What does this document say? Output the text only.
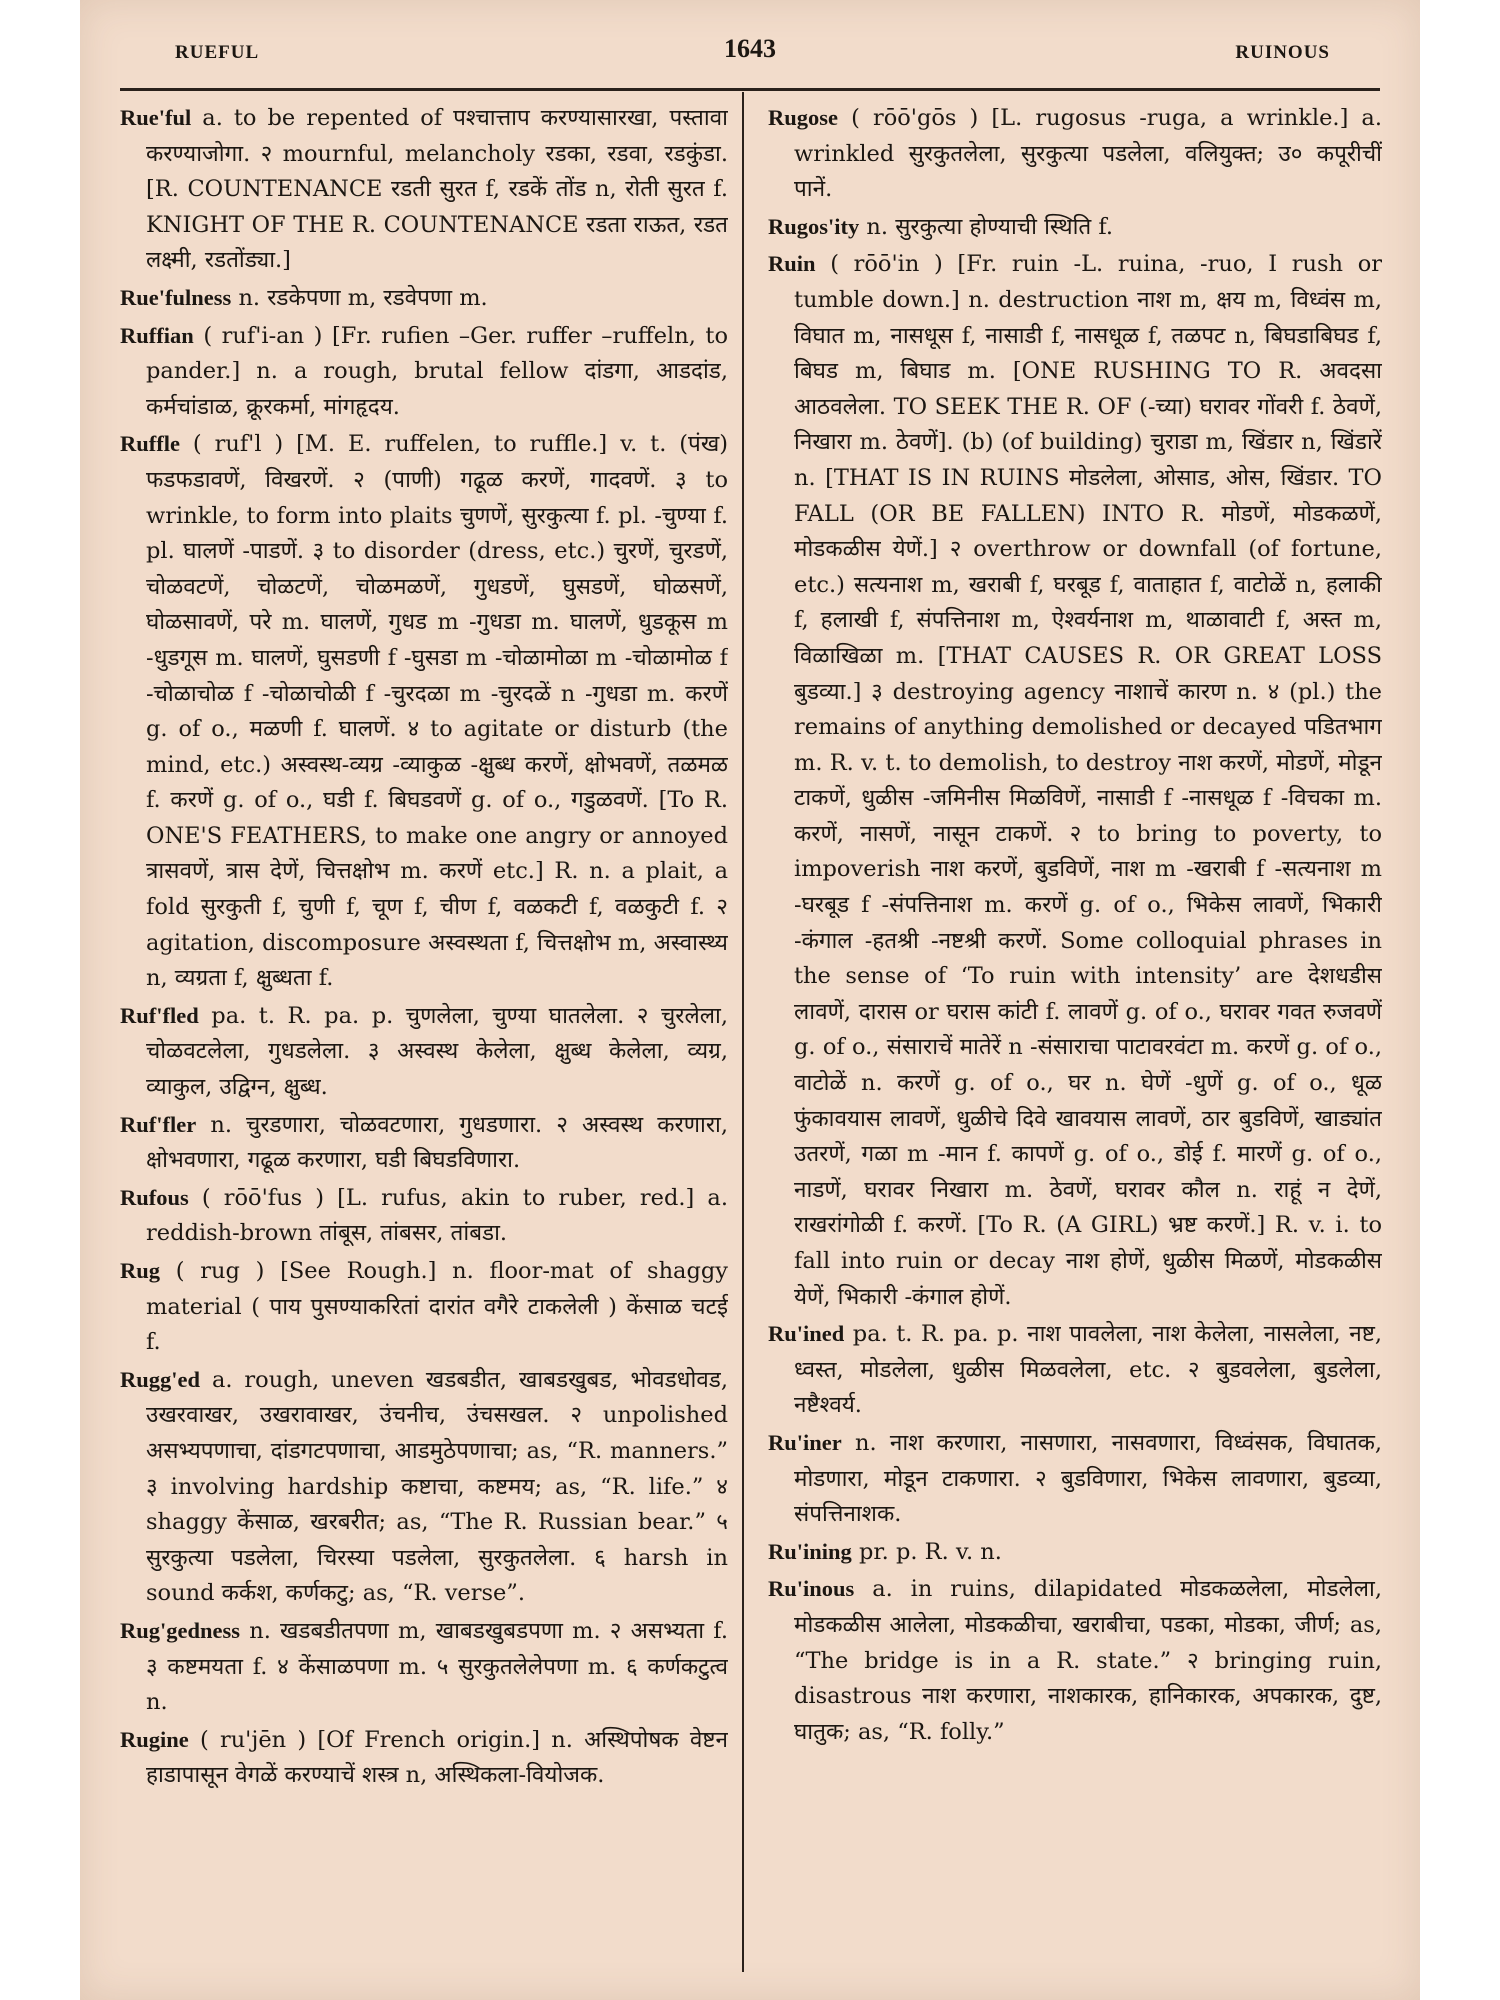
RUEFUL	1643	RUINOUS

Rue'ful a. to be repented of पश्चात्ताप करण्यासारखा, पस्तावा करण्याजोगा. २ mournful, melancholy रडका, रडवा, रडकुंडा. [R. COUNTENANCE रडती सुरत f, रडकें तोंड n, रोती सुरत f. KNIGHT OF THE R. COUNTENANCE रडता राऊत, रडत लक्ष्मी, रडतोंड्या.]

Rue'fulness n. रडकेपणा m, रडवेपणा m.

Ruffian ( ruf'i-an ) [Fr. rufien –Ger. ruffer –ruffeln, to pander.] n. a rough, brutal fellow दांडगा, आडदांड, कर्मचांडाळ, क्रूरकर्मा, मांगहृदय.

Ruffle ( ruf'l ) [M. E. ruffelen, to ruffle.] v. t. (पंख) फडफडावणें, विखरणें. २ (पाणी) गढूळ करणें, गादवणें. ३ to wrinkle, to form into plaits चुणणें, सुरकुत्या f. pl. -चुण्या f. pl. घालणें -पाडणें. ३ to disorder (dress, etc.) चुरणें, चुरडणें, चोळवटणें, चोळटणें, चोळमळणें, गुधडणें, घुसडणें, घोळसणें, घोळसावणें, परे m. घालणें, गुधड m -गुधडा m. घालणें, धुडकूस m -धुडगूस m. घालणें, घुसडणी f -घुसडा m -चोळामोळा m -चोळामोळ f -चोळाचोळ f -चोळाचोळी f -चुरदळा m -चुरदळें n -गुधडा m. करणें g. of o., मळणी f. घालणें. ४ to agitate or disturb (the mind, etc.) अस्वस्थ-व्यग्र -व्याकुळ -क्षुब्ध करणें, क्षोभवणें, तळमळ f. करणें g. of o., घडी f. बिघडवणें g. of o., गडुळवणें. [To R. ONE'S FEATHERS, to make one angry or annoyed त्रासवणें, त्रास देणें, चित्तक्षोभ m. करणें etc.] R. n. a plait, a fold सुरकुती f, चुणी f, चूण f, चीण f, वळकटी f, वळकुटी f. २ agitation, discomposure अस्वस्थता f, चित्तक्षोभ m, अस्वास्थ्य n, व्यग्रता f, क्षुब्धता f.

Ruf'fled pa. t. R. pa. p. चुणलेला, चुण्या घातलेला. २ चुरलेला, चोळवटलेला, गुधडलेला. ३ अस्वस्थ केलेला, क्षुब्ध केलेला, व्यग्र, व्याकुल, उद्विग्न, क्षुब्ध.

Ruf'fler n. चुरडणारा, चोळवटणारा, गुधडणारा. २ अस्वस्थ करणारा, क्षोभवणारा, गढूळ करणारा, घडी बिघडविणारा.

Rufous ( rōō'fus ) [L. rufus, akin to ruber, red.] a. reddish-brown तांबूस, तांबसर, तांबडा.

Rug ( rug ) [See Rough.] n. floor-mat of shaggy material ( पाय पुसण्याकरितां दारांत वगैरे टाकलेली ) केंसाळ चटई f.

Rugg'ed a. rough, uneven खडबडीत, खाबडखुबड, भोवडधोवड, उखरवाखर, उखरावाखर, उंचनीच, उंचसखल. २ unpolished असभ्यपणाचा, दांडगटपणाचा, आडमुठेपणाचा; as, “R. manners.” ३ involving hardship कष्टाचा, कष्टमय; as, “R. life.” ४ shaggy केंसाळ, खरबरीत; as, “The R. Russian bear.” ५ सुरकुत्या पडलेला, चिरस्या पडलेला, सुरकुतलेला. ६ harsh in sound कर्कश, कर्णकटु; as, “R. verse”.

Rug'gedness n. खडबडीतपणा m, खाबडखुबडपणा m. २ असभ्यता f. ३ कष्टमयता f. ४ केंसाळपणा m. ५ सुरकुतलेलेपणा m. ६ कर्णकटुत्व n.

Rugine ( ru'jēn ) [Of French origin.] n. अस्थिपोषक वेष्टन हाडापासून वेगळें करण्याचें शस्त्र n, अस्थिकला-वियोजक.

Rugose ( rōō'gōs ) [L. rugosus -ruga, a wrinkle.] a. wrinkled सुरकुतलेला, सुरकुत्या पडलेला, वलियुक्त; उ० कपूरीचीं पानें.

Rugos'ity n. सुरकुत्या होण्याची स्थिति f.

Ruin ( rōō'in ) [Fr. ruin -L. ruina, -ruo, I rush or tumble down.] n. destruction नाश m, क्षय m, विध्वंस m, विघात m, नासधूस f, नासाडी f, नासधूळ f, तळपट n, बिघडाबिघड f, बिघड m, बिघाड m. [ONE RUSHING TO R. अवदसा आठवलेला. TO SEEK THE R. OF (-च्या) घरावर गोंवरी f. ठेवणें, निखारा m. ठेवणें]. (b) (of building) चुराडा m, खिंडार n, खिंडारें n. [THAT IS IN RUINS मोडलेला, ओसाड, ओस, खिंडार. TO FALL (OR BE FALLEN) INTO R. मोडणें, मोडकळणें, मोडकळीस येणें.] २ overthrow or downfall (of fortune, etc.) सत्यनाश m, खराबी f, घरबूड f, वाताहात f, वाटोळें n, हलाकी f, हलाखी f, संपत्तिनाश m, ऐश्वर्यनाश m, थाळावाटी f, अस्त m, विळाखिळा m. [THAT CAUSES R. OR GREAT LOSS बुडव्या.] ३ destroying agency नाशाचें कारण n. ४ (pl.) the remains of anything demolished or decayed पडितभाग m. R. v. t. to demolish, to destroy नाश करणें, मोडणें, मोडून टाकणें, धुळीस -जमिनीस मिळविणें, नासाडी f -नासधूळ f -विचका m. करणें, नासणें, नासून टाकणें. २ to bring to poverty, to impoverish नाश करणें, बुडविणें, नाश m -खराबी f -सत्यनाश m -घरबूड f -संपत्तिनाश m. करणें g. of o., भिकेस लावणें, भिकारी -कंगाल -हतश्री -नष्टश्री करणें. Some colloquial phrases in the sense of ‘To ruin with intensity’ are देशधडीस लावणें, दारास or घरास कांटी f. लावणें g. of o., घरावर गवत रुजवणें g. of o., संसाराचें मातेरें n -संसाराचा पाटावरवंटा m. करणें g. of o., वाटोळें n. करणें g. of o., घर n. घेणें -धुणें g. of o., धूळ फुंकावयास लावणें, धुळीचे दिवे खावयास लावणें, ठार बुडविणें, खाड्यांत उतरणें, गळा m -मान f. कापणें g. of o., डोई f. मारणें g. of o., नाडणें, घरावर निखारा m. ठेवणें, घरावर कौल n. राहूं न देणें, राखरांगोळी f. करणें. [To R. (A GIRL) भ्रष्ट करणें.] R. v. i. to fall into ruin or decay नाश होणें, धुळीस मिळणें, मोडकळीस येणें, भिकारी -कंगाल होणें.

Ru'ined pa. t. R. pa. p. नाश पावलेला, नाश केलेला, नासलेला, नष्ट, ध्वस्त, मोडलेला, धुळीस मिळवलेला, etc. २ बुडवलेला, बुडलेला, नष्टैश्वर्य.

Ru'iner n. नाश करणारा, नासणारा, नासवणारा, विध्वंसक, विघातक, मोडणारा, मोडून टाकणारा. २ बुडविणारा, भिकेस लावणारा, बुडव्या, संपत्तिनाशक.

Ru'ining pr. p. R. v. n.

Ru'inous a. in ruins, dilapidated मोडकळलेला, मोडलेला, मोडकळीस आलेला, मोडकळीचा, खराबीचा, पडका, मोडका, जीर्ण; as, “The bridge is in a R. state.” २ bringing ruin, disastrous नाश करणारा, नाशकारक, हानिकारक, अपकारक, दुष्ट, घातुक; as, “R. folly.”
